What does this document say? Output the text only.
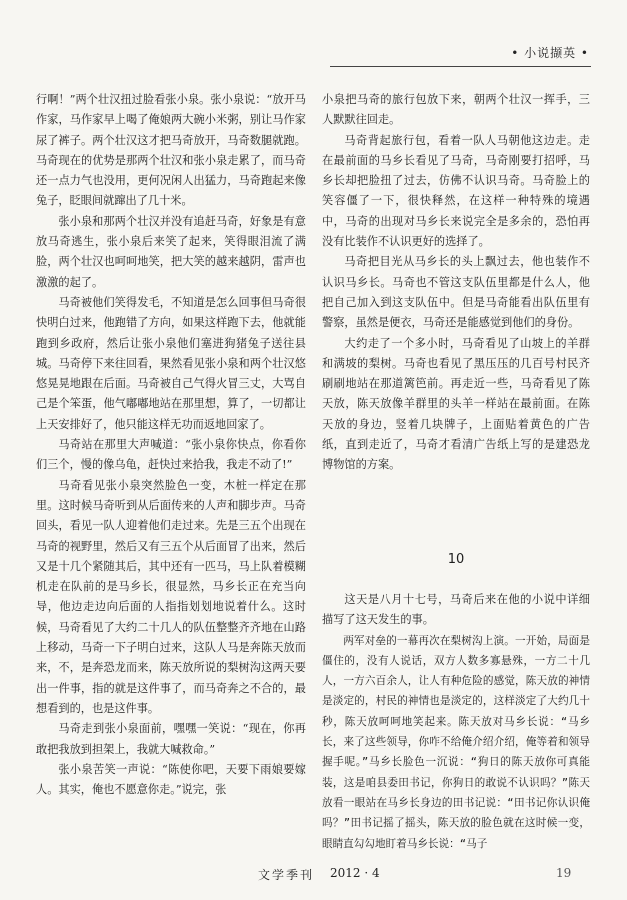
• 小说撷英 •

行啊！”两个壮汉扭过脸看张小泉。张小泉说：“放开马作家，马作家早上喝了俺娘两大碗小米粥，别让马作家尿了裤子。两个壮汉这才把马奇放开，马奇数腿就跑。马奇现在的优势是那两个壮汉和张小泉走累了，而马奇还一点力气也没用，更何况闲人出猛力，马奇跑起来像兔子，眨眼间就蹿出了几十米。

张小泉和那两个壮汉并没有追赶马奇，好象是有意放马奇逃生，张小泉后来笑了起来，笑得眼泪流了满脸，两个壮汉也呵呵地笑，把大笑的越来越阴，雷声也激激的起了。

马奇被他们笑得发毛，不知道是怎么回事但马奇很快明白过来，他跑错了方向，如果这样跑下去，他就能跑到乡政府，然后让张小泉他们塞进狗猪兔子送往县城。马奇停下来往回看，果然看见张小泉和两个壮汉悠悠晃晃地跟在后面。马奇被自己气得火冒三丈，大骂自己是个笨蛋，他气嘟嘟地站在那里想，算了，一切都让上天安排好了，他只能这样无功而返地回家了。

马奇站在那里大声喊道：“张小泉你快点，你看你们三个，慢的像乌龟，赶快过来拾我，我走不动了!”

马奇看见张小泉突然脸色一变，木桩一样定在那里。这时候马奇听到从后面传来的人声和脚步声。马奇回头，看见一队人迎着他们走过来。先是三五个出现在马奇的视野里，然后又有三五个从后面冒了出来，然后又是十几个紧随其后，其中还有一匹马，马上队着模糊机走在队前的是马乡长，很显然，马乡长正在充当向导，他边走边向后面的人指指划划地说着什么。这时候，马奇看见了大约二十几人的队伍整整齐齐地在山路上移动，马奇一下子明白过来，这队人马是奔陈天放而来，不，是奔恐龙而来，陈天放所说的梨树沟这两天要出一件事，指的就是这件事了，而马奇奔之不合的，最想看到的，也是这件事。

马奇走到张小泉面前，嘿嘿一笑说：“现在，你再敢把我放到担架上，我就大喊救命。”

张小泉苦笑一声说：“陈使你吧，天要下雨娘要嫁人。其实，俺也不愿意你走。”说完，张

小泉把马奇的旅行包放下来，朝两个壮汉一挥手，三人默默往回走。

马奇背起旅行包，看着一队人马朝他这边走。走在最前面的马乡长看见了马奇，马奇刚要打招呼，马乡长却把脸扭了过去，仿佛不认识马奇。马奇脸上的笑容僵了一下，很快释然，在这样一种特殊的境遇中，马奇的出现对马乡长来说完全是多余的，恐怕再没有比装作不认识更好的选择了。

马奇把目光从马乡长的头上飘过去，他也装作不认识马乡长。马奇也不管这支队伍里都是什么人，他把自己加入到这支队伍中。但是马奇能看出队伍里有警察，虽然是便衣，马奇还是能感觉到他们的身份。

大约走了一个多小时，马奇看见了山坡上的羊群和满坡的梨树。马奇也看见了黑压压的几百号村民齐刷刷地站在那道篱笆前。再走近一些，马奇看见了陈天放，陈天放像羊群里的头羊一样站在最前面。在陈天放的身边，竖着几块牌子，上面贴着黄色的广告纸，直到走近了，马奇才看清广告纸上写的是建恐龙博物馆的方案。

10

这天是八月十七号，马奇后来在他的小说中详细描写了这天发生的事。

两军对垒的一幕再次在梨树沟上演。一开始，局面是僵住的，没有人说话，双方人数多寡悬殊，一方二十几人，一方六百余人，让人有种危险的感觉，陈天放的神情是淡定的，村民的神情也是淡定的，这样淡定了大约几十秒，陈天放呵呵地笑起来。陈天放对马乡长说：“马乡长，来了这些领导，你咋不给俺介绍介绍，俺等着和领导握手呢。”马乡长脸色一沉说：“狗日的陈天放你可真能装，这是咱县委田书记，你狗日的敢说不认识吗？”陈天放看一眼站在马乡长身边的田书记说：“田书记你认识俺吗？”田书记摇了摇头，陈天放的脸色就在这时候一变，眼睛直勾勾地盯着马乡长说：“马子

文学季刊 2012 · 4	19
